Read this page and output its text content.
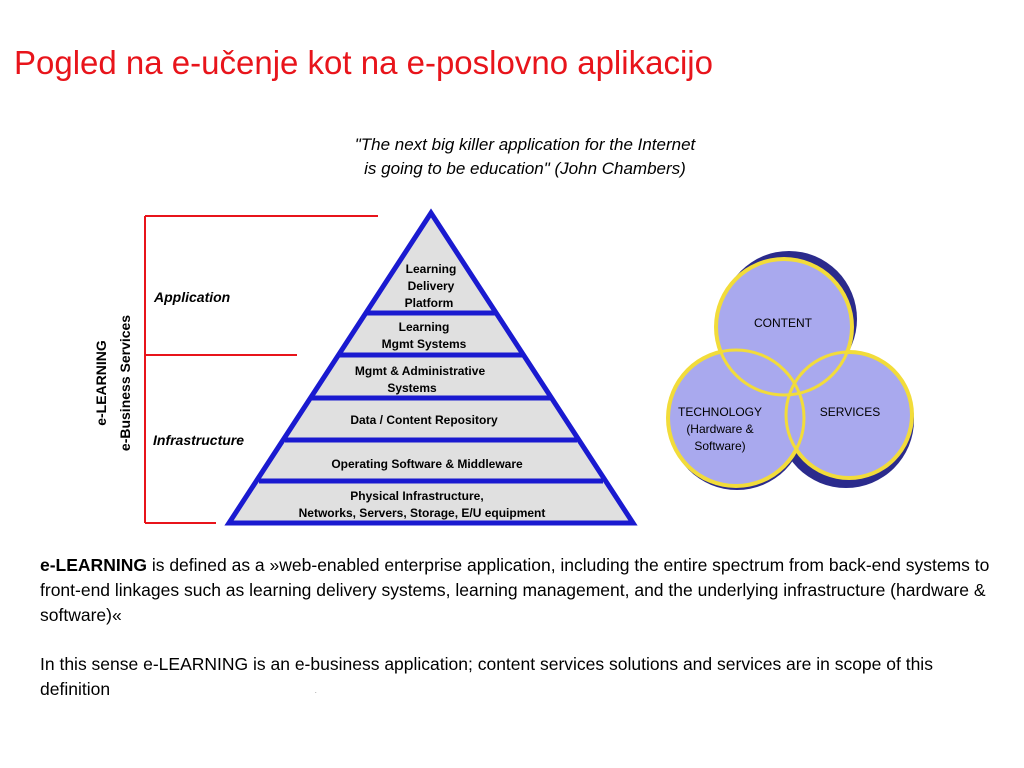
Pogled na e-učenje kot na e-poslovno aplikacijo
"The next big killer application for the Internet
is going to be education" (John Chambers)
e-LEARNING e-Business Services
Application
Infrastructure
Learning
Delivery
Platform
Learning
Mgmt Systems
Mgmt & Administrative
Systems
Data / Content Repository
Operating Software & Middleware
Physical Infrastructure,
Networks, Servers, Storage, E/U equipment
CONTENT
TECHNOLOGY
(Hardware &
Software)
SERVICES

e-LEARNING is defined as a »web-enabled enterprise application, including the entire spectrum from back-end systems to front-end linkages such as learning delivery systems, learning management, and the underlying infrastructure (hardware & software)«

In this sense e-LEARNING is an e-business application; content services solutions and services are in scope of this definition	.
